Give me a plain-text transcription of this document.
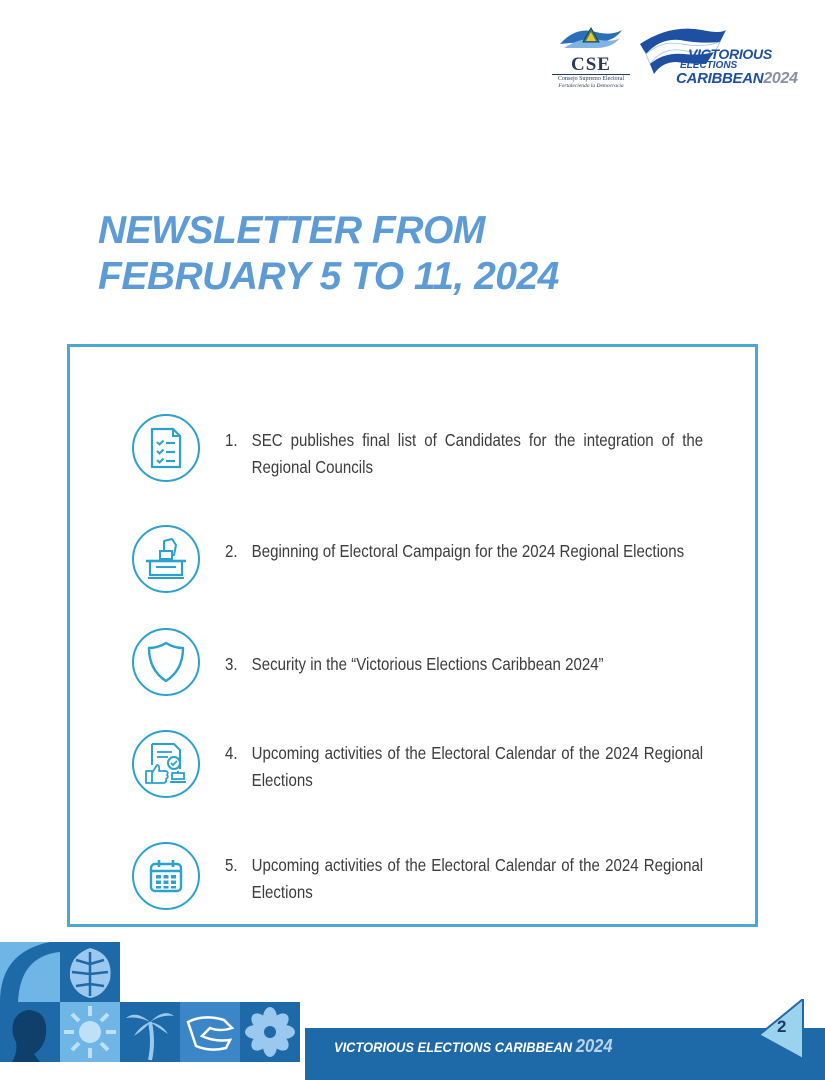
CSE
Consejo Supremo Electoral
Fortaleciendo la Democracia
VICTORIOUS
ELECTIONS
CARIBBEAN2024
NEWSLETTER FROM
FEBRUARY 5 TO 11, 2024
1. SEC publishes final list of Candidates for the integration of the Regional Councils
2. Beginning of Electoral Campaign for the 2024 Regional Elections
3. Security in the “Victorious Elections Caribbean 2024”
4. Upcoming activities of the Electoral Calendar of the 2024 Regional Elections
5. Upcoming activities of the Electoral Calendar of the 2024 Regional Elections
VICTORIOUS ELECTIONS CARIBBEAN 2024
2
